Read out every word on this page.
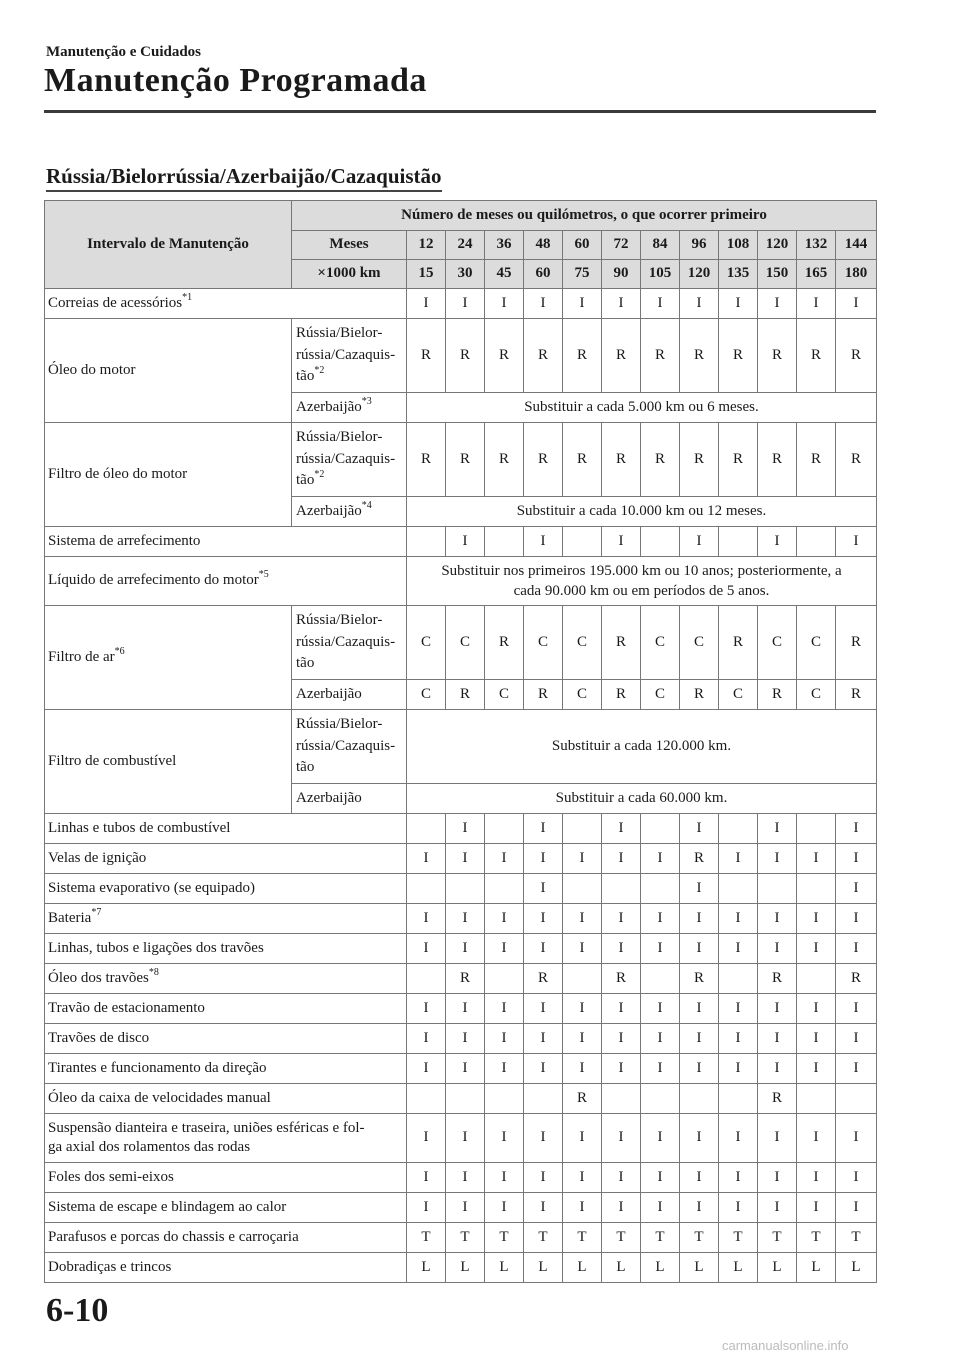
Manutenção e Cuidados
Manutenção Programada
Rússia/Bielorrússia/Azerbaijão/Cazaquistão
Intervalo de Manutenção	Número de meses ou quilómetros, o que ocorrer primeiro												
	Meses	12	24	36	48	60	72	84	96	108	120	132	144
	×1000 km	15	30	45	60	75	90	105	120	135	150	165	180
Correias de acessórios$^{*1}$		I	I	I	I	I	I	I	I	I	I	I	I
Óleo do motor	Rússia/Bielor-
rússia/Cazaquis-
tão$^{*2}$	R	R	R	R	R	R	R	R	R	R	R	R
	Azerbaijão$^{*3}$	Substituir a cada 5.000 km ou 6 meses.											
Filtro de óleo do motor	Rússia/Bielor-
rússia/Cazaquis-
tão$^{*2}$	R	R	R	R	R	R	R	R	R	R	R	R
	Azerbaijão$^{*4}$	Substituir a cada 10.000 km ou 12 meses.											
Sistema de arrefecimento			I		I		I		I		I		I
Líquido de arrefecimento do motor$^{*5}$		Substituir nos primeiros 195.000 km ou 10 anos; posteriormente, a
cada 90.000 km ou em períodos de 5 anos.											
Filtro de $ar^{*6}$	Rússia/Bielor-
rússia/Cazaquis-
tão	C	C	R	C	C	R	C	C	R	C	C	R
	Azerbaijão	C	R	C	R	C	R	C	R	C	R	C	R
Filtro de combustível	Rússia/Bielor-
rússia/Cazaquis-
tão	Substituir a cada 120.000 km.											
	Azerbaijão	Substituir a cada 60.000 km.											
Linhas e tubos de combustível			I		I		I		I		I		I
Velas de ignição		I	I	I	I	I	I	I	R	I	I	I	I
Sistema evaporativo (se equipado)					I				I				I
Bateria$^{*7}$		I	I	I	I	I	I	I	I	I	I	I	I
Linhas, tubos e ligações dos travões		I	I	I	I	I	I	I	I	I	I	I	I
Óleo dos travões$^{*8}$			R		R		R		R		R		R
Travão de estacionamento		I	I	I	I	I	I	I	I	I	I	I	I
Travões de disco		I	I	I	I	I	I	I	I	I	I	I	I
Tirantes e funcionamento da direção		I	I	I	I	I	I	I	I	I	I	I	I
Óleo da caixa de velocidades manual						R					R		
Suspensão dianteira e traseira, uniões esféricas e fol-
ga axial dos rolamentos das rodas		I	I	I	I	I	I	I	I	I	I	I	I
Foles dos semi-eixos		I	I	I	I	I	I	I	I	I	I	I	I
Sistema de escape e blindagem ao calor		I	I	I	I	I	I	I	I	I	I	I	I
Parafusos e porcas do chassis e carroçaria		T	T	T	T	T	T	T	T	T	T	T	T
Dobradiças e trincos		L	L	L	L	L	L	L	L	L	L	L	L
6-10
carmanualsonline.info
